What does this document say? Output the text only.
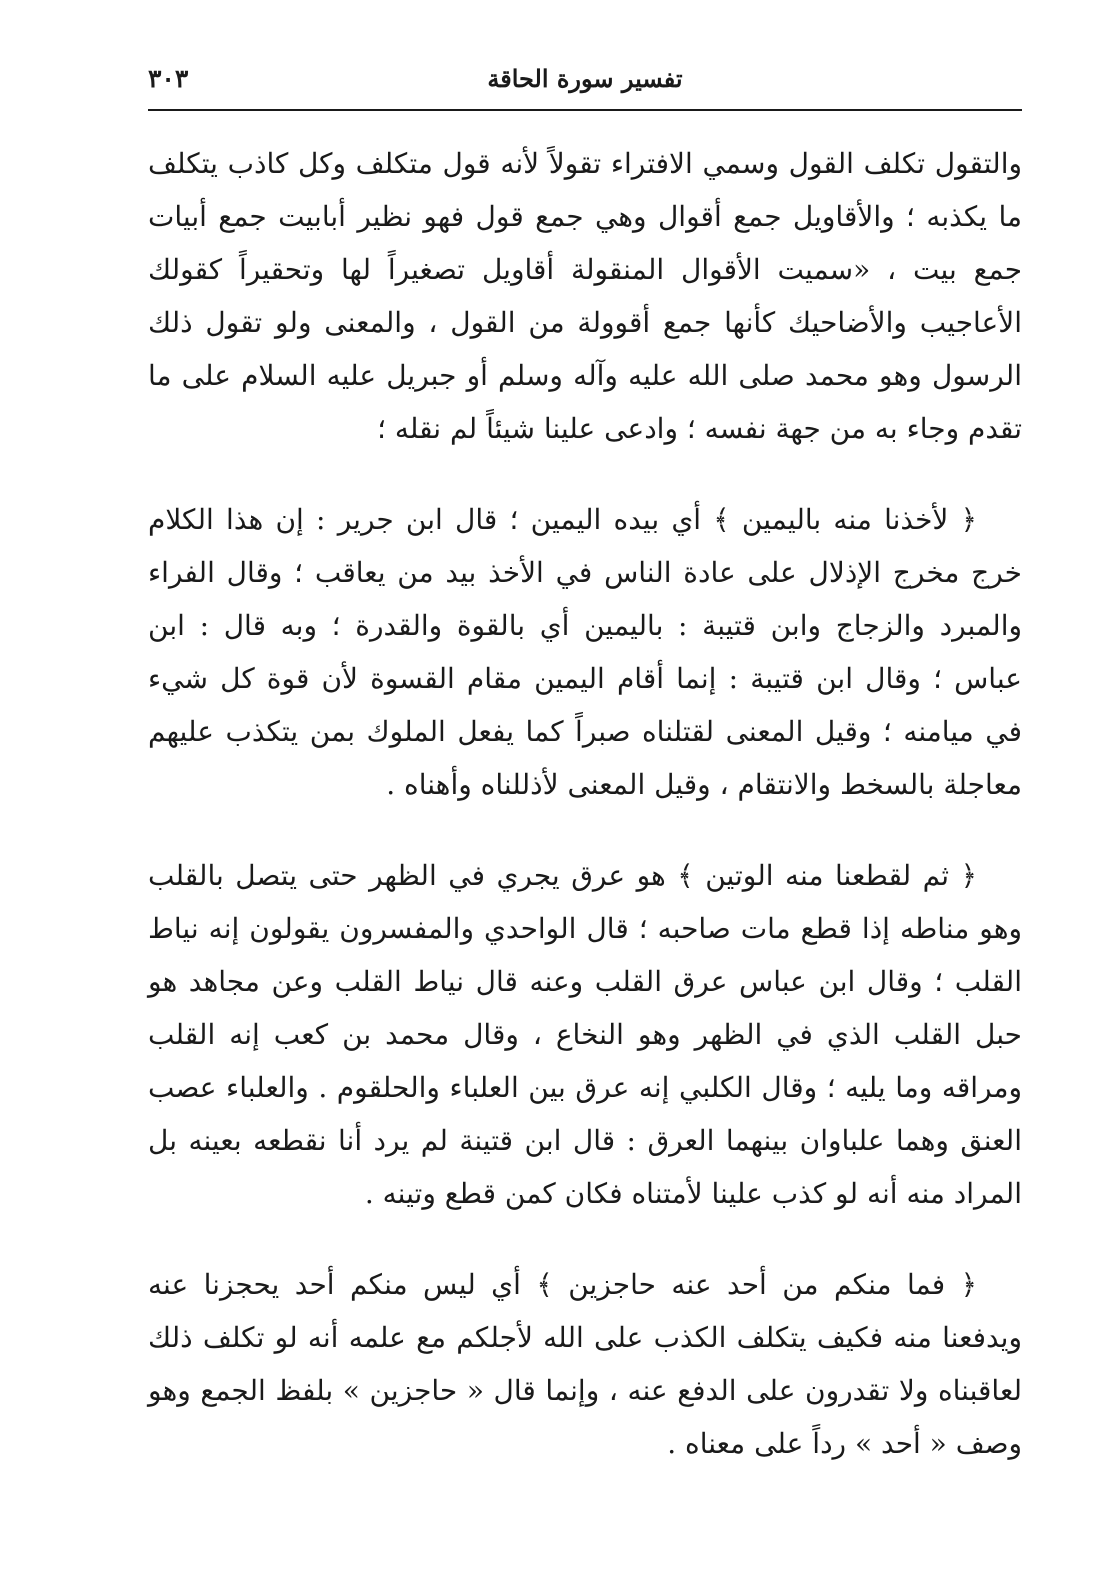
٣٠٣	تفسير سورة الحاقة

والتقول تكلف القول وسمي الافتراء تقولاً لأنه قول متكلف وكل كاذب يتكلف ما يكذبه ؛ والأقاويل جمع أقوال وهي جمع قول فهو نظير أبابيت جمع أبيات جمع بيت ، «سميت الأقوال المنقولة أقاويل تصغيراً لها وتحقيراً كقولك الأعاجيب والأضاحيك كأنها جمع أقوولة من القول ، والمعنى ولو تقول ذلك الرسول وهو محمد صلى الله عليه وآله وسلم أو جبريل عليه السلام على ما تقدم وجاء به من جهة نفسه ؛ وادعى علينا شيئاً لم نقله ؛

﴿ لأخذنا منه باليمين ﴾ أي بيده اليمين ؛ قال ابن جرير : إن هذا الكلام خرج مخرج الإذلال على عادة الناس في الأخذ بيد من يعاقب ؛ وقال الفراء والمبرد والزجاج وابن قتيبة : باليمين أي بالقوة والقدرة ؛ وبه قال : ابن عباس ؛ وقال ابن قتيبة : إنما أقام اليمين مقام القسوة لأن قوة كل شيء في ميامنه ؛ وقيل المعنى لقتلناه صبراً كما يفعل الملوك بمن يتكذب عليهم معاجلة بالسخط والانتقام ، وقيل المعنى لأذللناه وأهناه .

﴿ ثم لقطعنا منه الوتين ﴾ هو عرق يجري في الظهر حتى يتصل بالقلب وهو مناطه إذا قطع مات صاحبه ؛ قال الواحدي والمفسرون يقولون إنه نياط القلب ؛ وقال ابن عباس عرق القلب وعنه قال نياط القلب وعن مجاهد هو حبل القلب الذي في الظهر وهو النخاع ، وقال محمد بن كعب إنه القلب ومراقه وما يليه ؛ وقال الكلبي إنه عرق بين العلباء والحلقوم . والعلباء عصب العنق وهما علباوان بينهما العرق : قال ابن قتينة لم يرد أنا نقطعه بعينه بل المراد منه أنه لو كذب علينا لأمتناه فكان كمن قطع وتينه .

﴿ فما منكم من أحد عنه حاجزين ﴾ أي ليس منكم أحد يحجزنا عنه ويدفعنا منه فكيف يتكلف الكذب على الله لأجلكم مع علمه أنه لو تكلف ذلك لعاقبناه ولا تقدرون على الدفع عنه ، وإنما قال « حاجزين » بلفظ الجمع وهو وصف « أحد » رداً على معناه .
